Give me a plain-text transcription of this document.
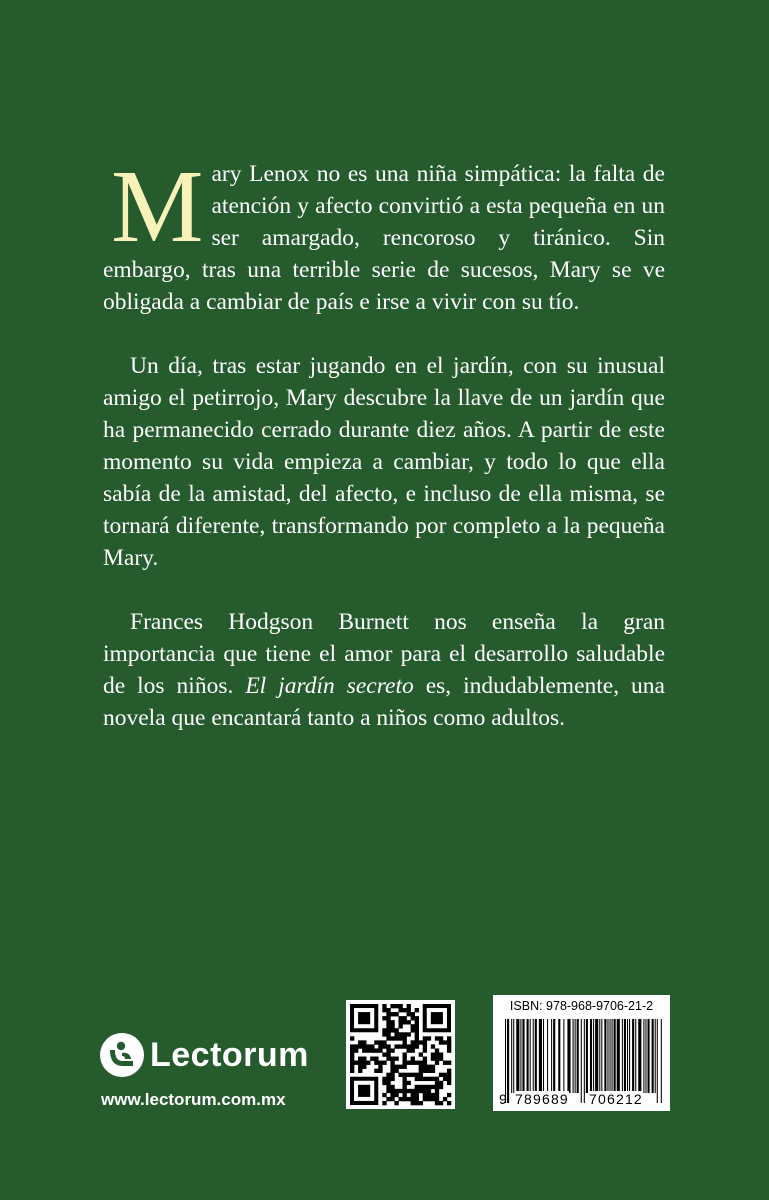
Mary Lenox no es una niña simpática: la falta de atención y afecto convirtió a esta pequeña en un ser amargado, rencoroso y tiránico. Sin embargo, tras una terrible serie de sucesos, Mary se ve obligada a cambiar de país e irse a vivir con su tío.

Un día, tras estar jugando en el jardín, con su inusual amigo el petirrojo, Mary descubre la llave de un jardín que ha permanecido cerrado durante diez años. A partir de este momento su vida empieza a cambiar, y todo lo que ella sabía de la amistad, del afecto, e incluso de ella misma, se tornará diferente, transformando por completo a la pequeña Mary.

Frances Hodgson Burnett nos enseña la gran importancia que tiene el amor para el desarrollo saludable de los niños. El jardín secreto es, indudablemente, una novela que encantará tanto a niños como adultos.

Lectorum
www.lectorum.com.mx
ISBN: 978-968-9706-21-2
9 789689 706212
